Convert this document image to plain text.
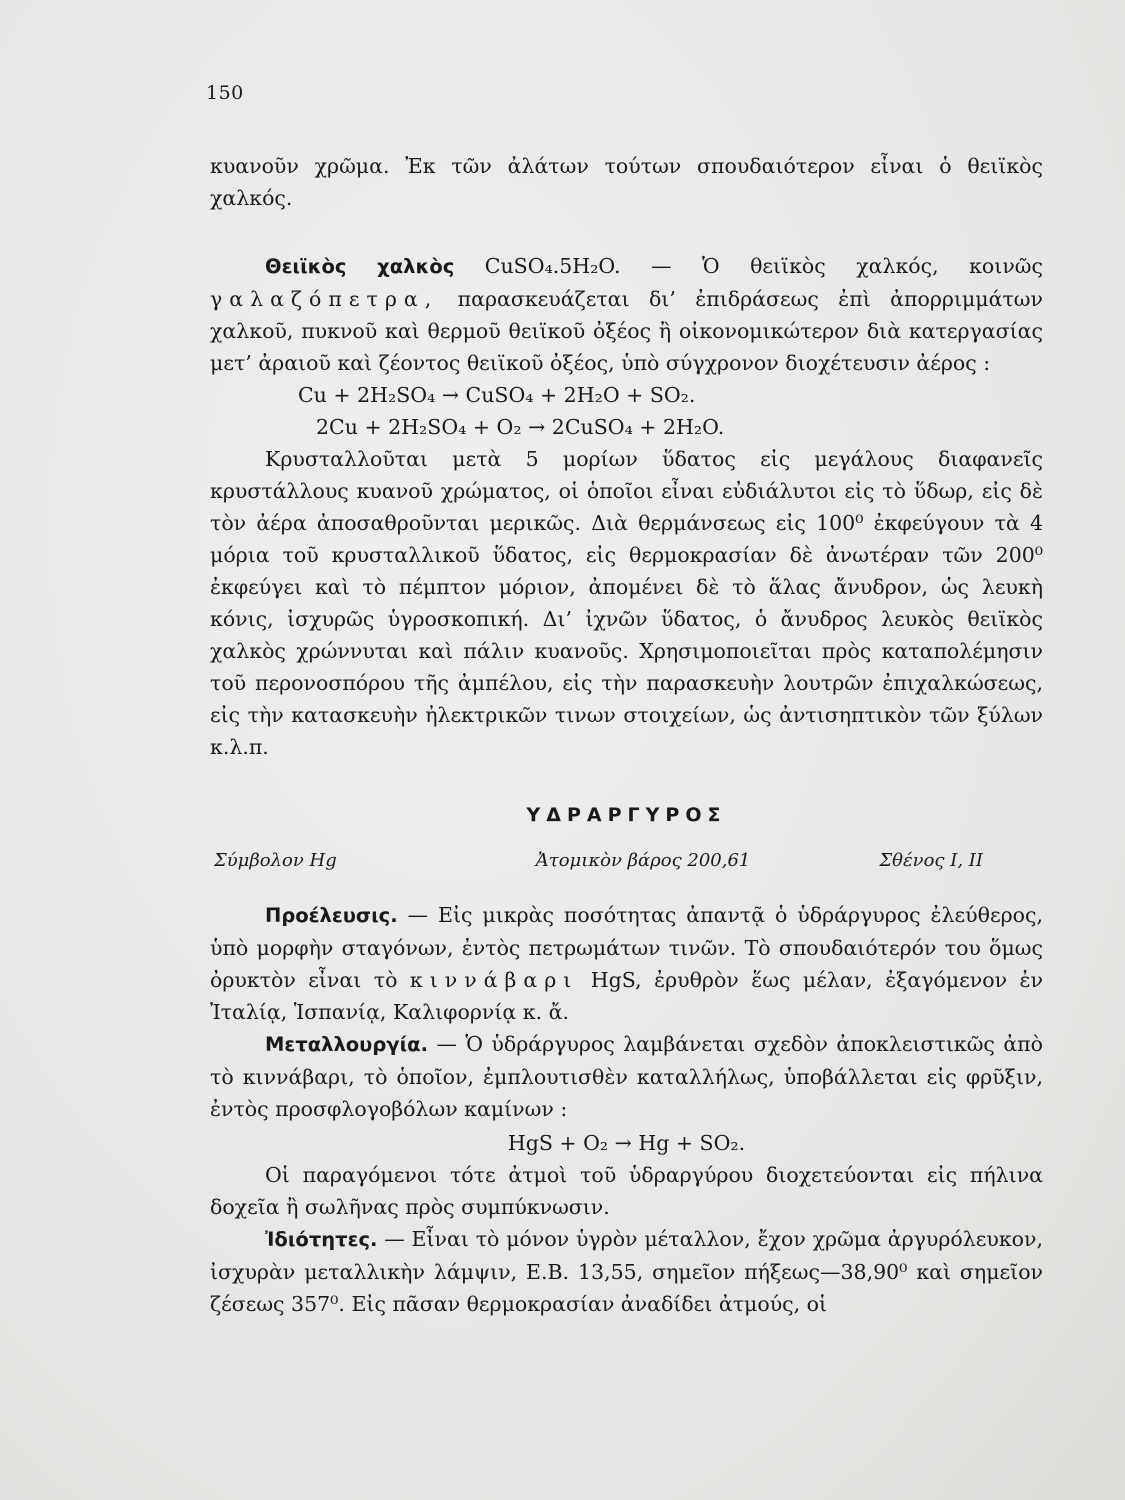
150

κυανοῦν χρῶμα. Ἐκ τῶν ἀλάτων τούτων σπουδαιότερον εἶναι ὁ θειϊκὸς χαλκός.

Θειϊκὸς χαλκὸς CuSO₄.5H₂O. — Ὁ θειϊκὸς χαλκός, κοινῶς γαλαζόπετρα, παρασκευάζεται δι’ ἐπιδράσεως ἐπὶ ἀπορριμμάτων χαλκοῦ, πυκνοῦ καὶ θερμοῦ θειϊκοῦ ὀξέος ἢ οἰκονομικώτερον διὰ κατεργασίας μετ’ ἀραιοῦ καὶ ζέοντος θειϊκοῦ ὀξέος, ὑπὸ σύγχρονον διοχέτευσιν ἀέρος :

Cu + 2H₂SO₄ → CuSO₄ + 2H₂O + SO₂.
2Cu + 2H₂SO₄ + O₂ → 2CuSO₄ + 2H₂O.

Κρυσταλλοῦται μετὰ 5 μορίων ὕδατος εἰς μεγάλους διαφανεῖς κρυστάλλους κυανοῦ χρώματος, οἱ ὁποῖοι εἶναι εὐδιάλυτοι εἰς τὸ ὕδωρ, εἰς δὲ τὸν ἀέρα ἀποσαθροῦνται μερικῶς. Διὰ θερμάνσεως εἰς 100⁰ ἐκφεύγουν τὰ 4 μόρια τοῦ κρυσταλλικοῦ ὕδατος, εἰς θερμοκρασίαν δὲ ἀνωτέραν τῶν 200⁰ ἐκφεύγει καὶ τὸ πέμπτον μόριον, ἀπομένει δὲ τὸ ἅλας ἄνυδρον, ὡς λευκὴ κόνις, ἰσχυρῶς ὑγροσκοπική. Δι’ ἰχνῶν ὕδατος, ὁ ἄνυδρος λευκὸς θειϊκὸς χαλκὸς χρώννυται καὶ πάλιν κυανοῦς. Χρησιμοποιεῖται πρὸς καταπολέμησιν τοῦ περονοσπόρου τῆς ἀμπέλου, εἰς τὴν παρασκευὴν λουτρῶν ἐπιχαλκώσεως, εἰς τὴν κατασκευὴν ἠλεκτρικῶν τινων στοιχείων, ὡς ἀντισηπτικὸν τῶν ξύλων κ.λ.π.

ΥΔΡΑΡΓΥΡΟΣ
Σύμβολον Hg	Ἀτομικὸν βάρος 200,61	Σθένος I, II

Προέλευσις. — Εἰς μικρὰς ποσότητας ἀπαντᾷ ὁ ὑδράργυρος ἐλεύθερος, ὑπὸ μορφὴν σταγόνων, ἐντὸς πετρωμάτων τινῶν. Τὸ σπουδαιότερόν του ὅμως ὀρυκτὸν εἶναι τὸ κιννάβαρι HgS, ἐρυθρὸν ἕως μέλαν, ἐξαγόμενον ἐν Ἰταλίᾳ, Ἱσπανίᾳ, Καλιφορνίᾳ κ. ἄ.

Μεταλλουργία. — Ὁ ὑδράργυρος λαμβάνεται σχεδὸν ἀποκλειστικῶς ἀπὸ τὸ κιννάβαρι, τὸ ὁποῖον, ἐμπλουτισθὲν καταλλήλως, ὑποβάλλεται εἰς φρῦξιν, ἐντὸς προσφλογοβόλων καμίνων :

HgS + O₂ → Hg + SO₂.

Οἱ παραγόμενοι τότε ἀτμοὶ τοῦ ὑδραργύρου διοχετεύονται εἰς πήλινα δοχεῖα ἢ σωλῆνας πρὸς συμπύκνωσιν.

Ἰδιότητες. — Εἶναι τὸ μόνον ὑγρὸν μέταλλον, ἔχον χρῶμα ἀργυρόλευκον, ἰσχυρὰν μεταλλικὴν λάμψιν, Ε.Β. 13,55, σημεῖον πήξεως—38,90⁰ καὶ σημεῖον ζέσεως 357⁰. Εἰς πᾶσαν θερμοκρασίαν ἀναδίδει ἀτμούς, οἱ
